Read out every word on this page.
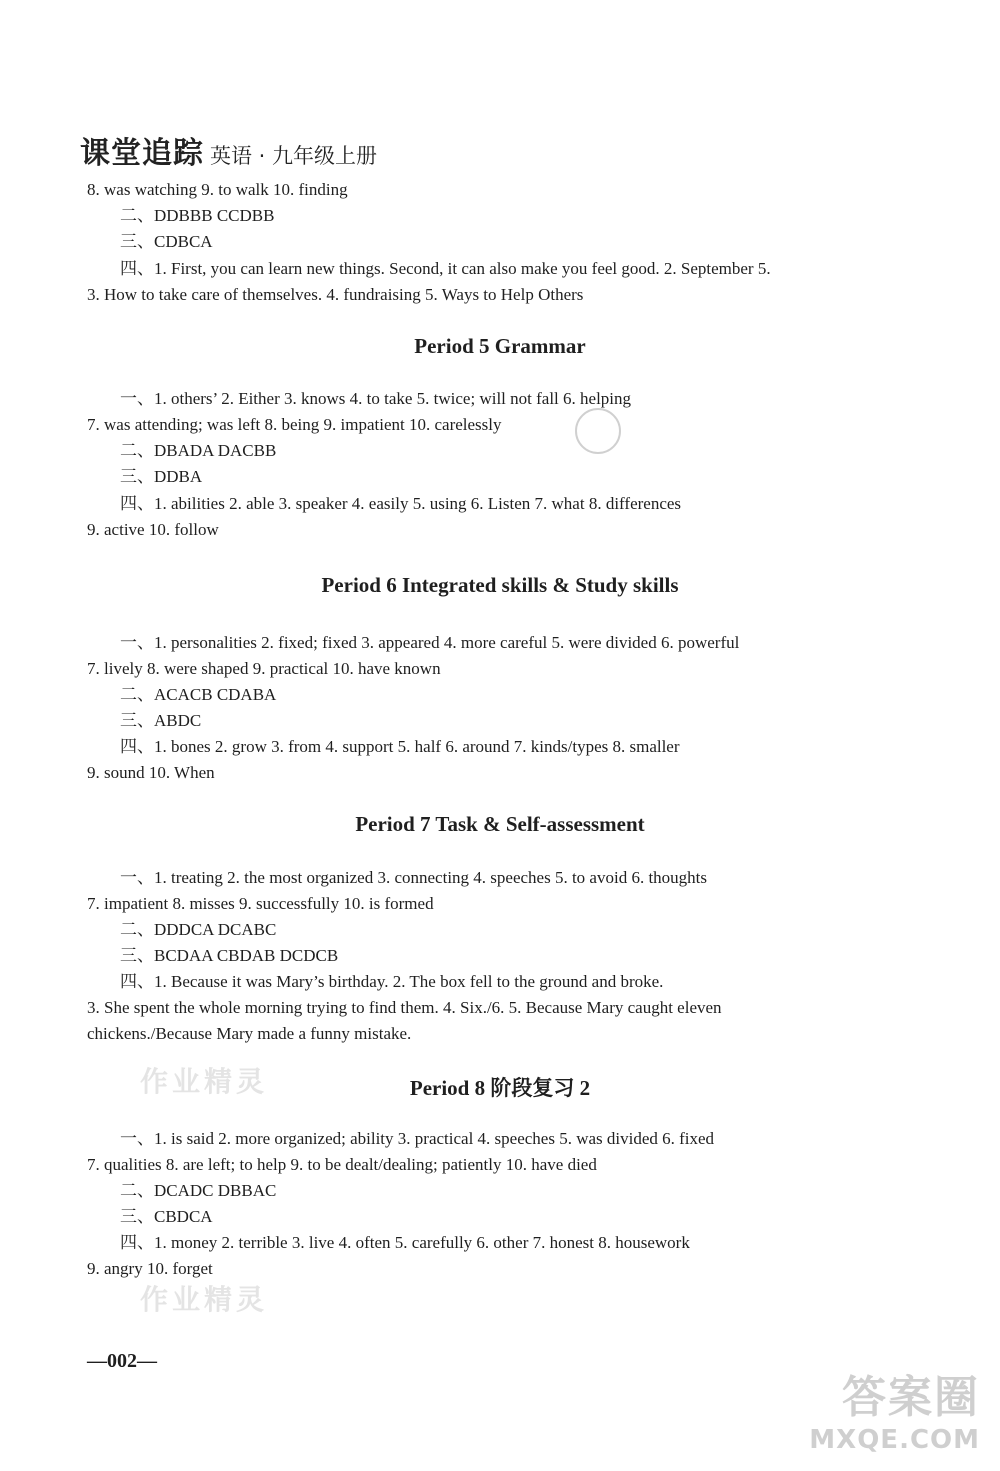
课堂追踪 英语 · 九年级上册
8. was watching 9. to walk 10. finding
二、DDBBB CCDBB
三、CDBCA
四、1. First, you can learn new things. Second, it can also make you feel good. 2. September 5.
3. How to take care of themselves. 4. fundraising 5. Ways to Help Others
Period 5 Grammar
一、1. others’ 2. Either 3. knows 4. to take 5. twice; will not fall 6. helping
7. was attending; was left 8. being 9. impatient 10. carelessly
二、DBADA DACBB
三、DDBA
四、1. abilities 2. able 3. speaker 4. easily 5. using 6. Listen 7. what 8. differences
9. active 10. follow
Period 6 Integrated skills & Study skills
一、1. personalities 2. fixed; fixed 3. appeared 4. more careful 5. were divided 6. powerful
7. lively 8. were shaped 9. practical 10. have known
二、ACACB CDABA
三、ABDC
四、1. bones 2. grow 3. from 4. support 5. half 6. around 7. kinds/types 8. smaller
9. sound 10. When
Period 7 Task & Self-assessment
一、1. treating 2. the most organized 3. connecting 4. speeches 5. to avoid 6. thoughts
7. impatient 8. misses 9. successfully 10. is formed
二、DDDCA DCABC
三、BCDAA CBDAB DCDCB
四、1. Because it was Mary’s birthday. 2. The box fell to the ground and broke.
3. She spent the whole morning trying to find them. 4. Six./6. 5. Because Mary caught eleven
chickens./Because Mary made a funny mistake.
Period 8 阶段复习 2
一、1. is said 2. more organized; ability 3. practical 4. speeches 5. was divided 6. fixed
7. qualities 8. are left; to help 9. to be dealt/dealing; patiently 10. have died
二、DCADC DBBAC
三、CBDCA
四、1. money 2. terrible 3. live 4. often 5. carefully 6. other 7. honest 8. housework
9. angry 10. forget
—002—
作业精灵
作业精灵
答案圈
MXQE.COM
